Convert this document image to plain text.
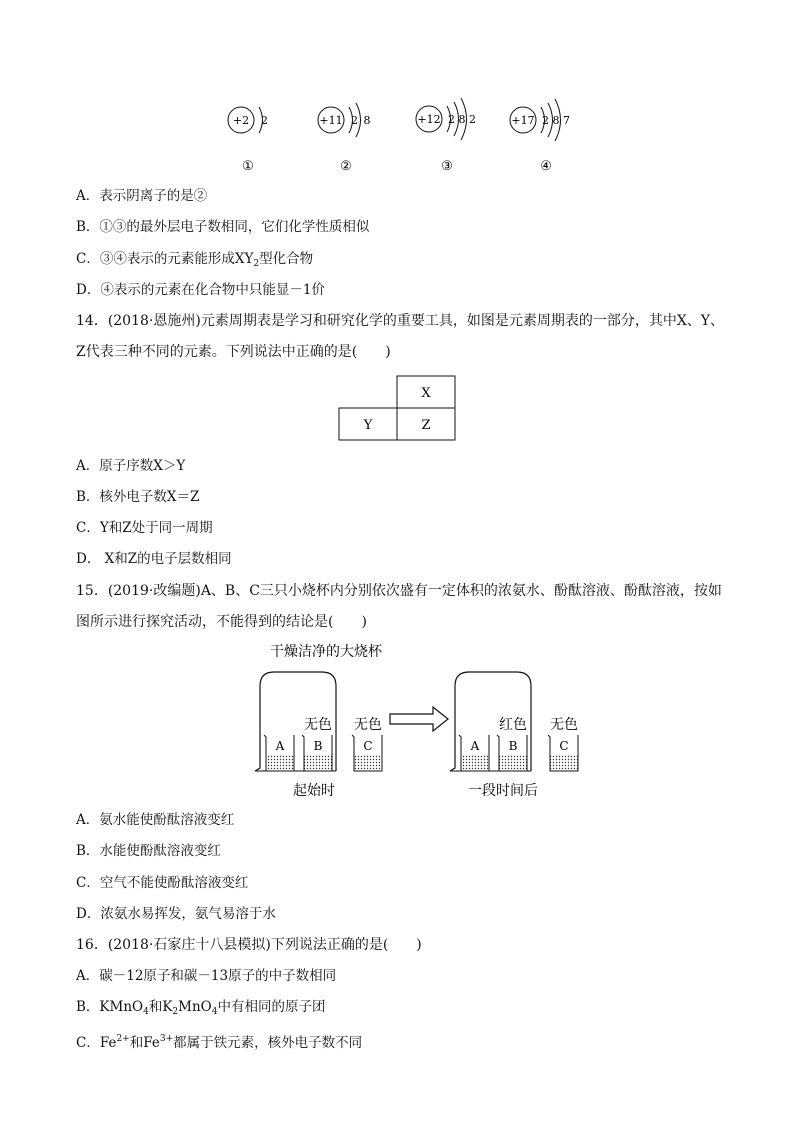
+2 2
①
+11 2 8
②
+12 2 8 2
③
+17 2 8 7
④
A．表示阴离子的是②
B．①③的最外层电子数相同，它们化学性质相似
C．③④表示的元素能形成$XY_2$型化合物
D．④表示的元素在化合物中只能显－1价
14．(2018·恩施州)元素周期表是学习和研究化学的重要工具，如图是元素周期表的一部分，其中X、Y、
Z代表三种不同的元素。下列说法中正确的是(　　)
X
Y	Z
A．原子序数X＞Y
B．核外电子数X＝Z
C．Y和Z处于同一周期
D． X和Z的电子层数相同
15．(2019·改编题)A、B、C三只小烧杯内分别依次盛有一定体积的浓氨水、酚酞溶液、酚酞溶液，按如
图所示进行探究活动，不能得到的结论是(　　)
干燥洁净的大烧杯
A B
无色
C
无色
A B
红色
C
无色
起始时	一段时间后
A．氨水能使酚酞溶液变红
B．水能使酚酞溶液变红
C．空气不能使酚酞溶液变红
D．浓氨水易挥发，氨气易溶于水
16．(2018·石家庄十八县模拟)下列说法正确的是(　　)
A．碳－12原子和碳－13原子的中子数相同
B．KMnO$_4$和$K_2MnO_4$中有相同的原子团
C．$Fe^{2+}$和$Fe^{3+}$都属于铁元素，核外电子数不同
